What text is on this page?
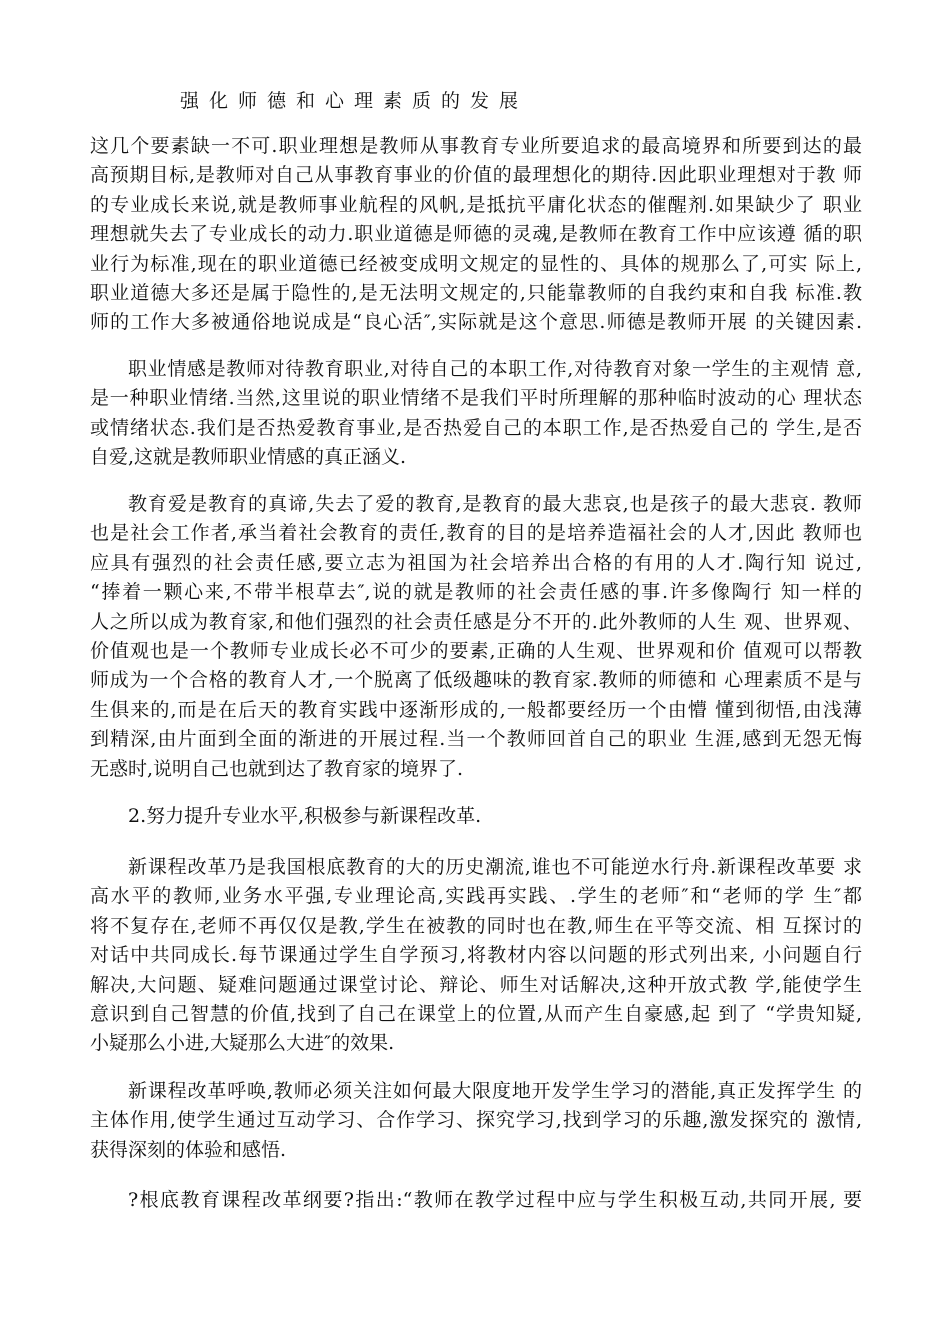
强化师德和心理素质的发展
这几个要素缺一不可.职业理想是教师从事教育专业所要追求的最高境界和所要到达的最
高预期目标,是教师对自己从事教育事业的价值的最理想化的期待.因此职业理想对于教 师
的专业成长来说,就是教师事业航程的风帆,是抵抗平庸化状态的催醒剂.如果缺少了 职业
理想就失去了专业成长的动力.职业道德是师德的灵魂,是教师在教育工作中应该遵 循的职
业行为标准,现在的职业道德已经被变成明文规定的显性的、具体的规那么了,可实 际上,
职业道德大多还是属于隐性的,是无法明文规定的,只能靠教师的自我约束和自我 标准.教
师的工作大多被通俗地说成是“良心活″,实际就是这个意思.师德是教师开展 的关键因素.
职业情感是教师对待教育职业,对待自己的本职工作,对待教育对象一学生的主观情 意,
是一种职业情绪.当然,这里说的职业情绪不是我们平时所理解的那种临时波动的心 理状态
或情绪状态.我们是否热爱教育事业,是否热爱自己的本职工作,是否热爱自己的 学生,是否
自爱,这就是教师职业情感的真正涵义.
教育爱是教育的真谛,失去了爱的教育,是教育的最大悲哀,也是孩子的最大悲哀. 教师
也是社会工作者,承当着社会教育的责任,教育的目的是培养造福社会的人才,因此 教师也
应具有强烈的社会责任感,要立志为祖国为社会培养出合格的有用的人才.陶行知 说过,
“捧着一颗心来,不带半根草去″,说的就是教师的社会责任感的事.许多像陶行 知一样的
人之所以成为教育家,和他们强烈的社会责任感是分不开的.此外教师的人生 观、世界观、
价值观也是一个教师专业成长必不可少的要素,正确的人生观、世界观和价 值观可以帮教
师成为一个合格的教育人才,一个脱离了低级趣味的教育家.教师的师德和 心理素质不是与
生俱来的,而是在后天的教育实践中逐渐形成的,一般都要经历一个由懵 懂到彻悟,由浅薄
到精深,由片面到全面的渐进的开展过程.当一个教师回首自己的职业 生涯,感到无怨无悔
无惑时,说明自己也就到达了教育家的境界了.
2.努力提升专业水平,积极参与新课程改革.
新课程改革乃是我国根底教育的大的历史潮流,谁也不可能逆水行舟.新课程改革要 求
高水平的教师,业务水平强,专业理论高,实践再实践、.学生的老师″和“老师的学 生″都
将不复存在,老师不再仅仅是教,学生在被教的同时也在教,师生在平等交流、相 互探讨的
对话中共同成长.每节课通过学生自学预习,将教材内容以问题的形式列出来, 小问题自行
解决,大问题、疑难问题通过课堂讨论、辩论、师生对话解决,这种开放式教 学,能使学生
意识到自己智慧的价值,找到了自己在课堂上的位置,从而产生自豪感,起 到了 “学贵知疑,
小疑那么小进,大疑那么大进″的效果.
新课程改革呼唤,教师必须关注如何最大限度地开发学生学习的潜能,真正发挥学生 的
主体作用,使学生通过互动学习、合作学习、探究学习,找到学习的乐趣,激发探究的 激情,
获得深刻的体验和感悟.
?根底教育课程改革纲要?指出:“教师在教学过程中应与学生积极互动,共同开展, 要
